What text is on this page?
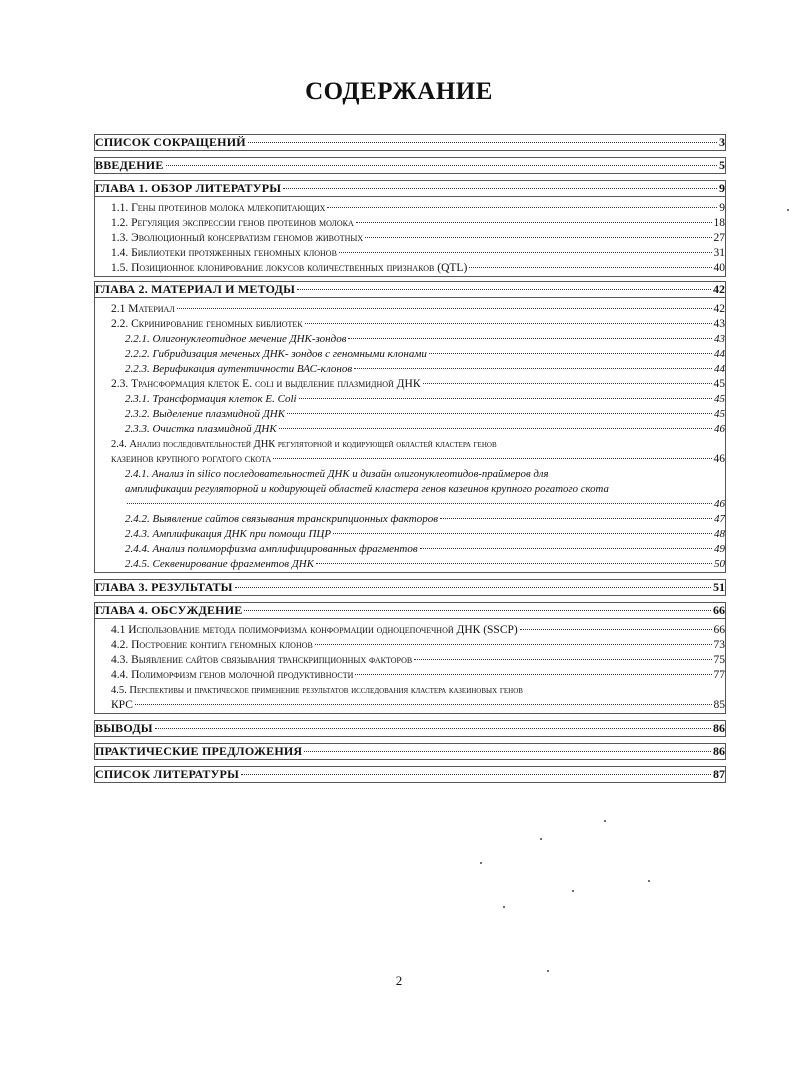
СОДЕРЖАНИЕ
СПИСОК СОКРАЩЕНИЙ	3
ВВЕДЕНИЕ	5
ГЛАВА 1. ОБЗОР ЛИТЕРАТУРЫ	9
1.1. Гены протеинов молока млекопитающих	9
1.2. Регуляция экспрессии генов протеинов молока	18
1.3. Эволюционный консерватизм геномов животных	27
1.4. Библиотеки протяженных геномных клонов	31
1.5. Позиционное клонирование локусов количественных признаков (QTL)	40
ГЛАВА 2. МАТЕРИАЛ И МЕТОДЫ	42
2.1 Материал	42
2.2. Скринирование геномных библиотек	43
2.2.1. Олигонуклеотидное мечение ДНК-зондов	43
2.2.2. Гибридизация меченых ДНК- зондов с геномными клонами	44
2.2.3. Верификация аутентичности ВАС-клонов	44
2.3. Трансформация клеток E. coli и выделение плазмидной ДНК	45
2.3.1. Трансформация клеток E. Coli	45
2.3.2. Выделение плазмидной ДНК	45
2.3.3. Очистка плазмидной ДНК	46
2.4. Анализ последовательностей ДНК регуляторной и кодирующей областей кластера генов
казеинов крупного рогатого скота	46
2.4.1. Анализ in silico последовательностей ДНК и дизайн олигонуклеотидов-праймеров для
амплификации регуляторной и кодирующей областей кластера генов казеинов крупного рогатого скота
46
2.4.2. Выявление сайтов связывания транскрипционных факторов	47
2.4.3. Амплификация ДНК при помощи ПЦР	48
2.4.4. Анализ полиморфизма амплифицированных фрагментов	49
2.4.5. Секвенирование фрагментов ДНК	50
ГЛАВА 3. РЕЗУЛЬТАТЫ	51
ГЛАВА 4. ОБСУЖДЕНИЕ	66
4.1 Использование метода полиморфизма конформации одноцепочечной ДНК (SSCP)	66
4.2. Построение контига геномных клонов	73
4.3. Выявление сайтов связывания транскрипционных факторов	75
4.4. Полиморфизм генов молочной продуктивности	77
4.5. Перспективы и практическое применение результатов исследования кластера казеиновых генов
КРС	85
ВЫВОДЫ	86
ПРАКТИЧЕСКИЕ ПРЕДЛОЖЕНИЯ	86
СПИСОК ЛИТЕРАТУРЫ	87
2
